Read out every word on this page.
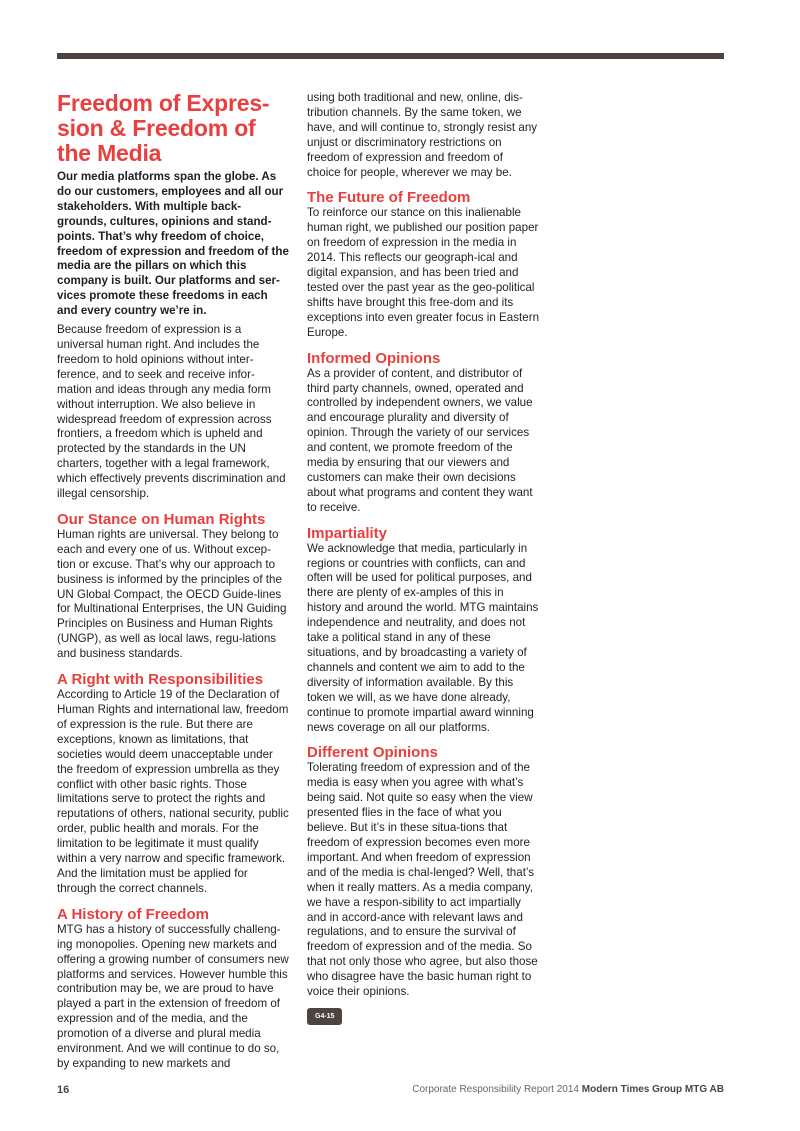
Freedom of Expres-
sion & Freedom of
the Media

Our media platforms span the globe. As do our customers, employees and all our stakeholders. With multiple back-grounds, cultures, opinions and stand-points. That’s why freedom of choice, freedom of expression and freedom of the media are the pillars on which this company is built. Our platforms and ser-vices promote these freedoms in each and every country we’re in.

Because freedom of expression is a universal human right. And includes the freedom to hold opinions without inter-ference, and to seek and receive infor-mation and ideas through any media form without interruption. We also believe in widespread freedom of expression across frontiers, a freedom which is upheld and protected by the standards in the UN charters, together with a legal framework, which effectively prevents discrimination and illegal censorship.

Our Stance on Human Rights

Human rights are universal. They belong to each and every one of us. Without excep-tion or excuse. That’s why our approach to business is informed by the principles of the UN Global Compact, the OECD Guide-lines for Multinational Enterprises, the UN Guiding Principles on Business and Human Rights (UNGP), as well as local laws, regu-lations and business standards.

A Right with Responsibilities

According to Article 19 of the Declaration of Human Rights and international law, freedom of expression is the rule. But there are exceptions, known as limitations, that societies would deem unacceptable under the freedom of expression umbrella as they conflict with other basic rights. Those limitations serve to protect the rights and reputations of others, national security, public order, public health and morals. For the limitation to be legitimate it must qualify within a very narrow and specific framework. And the limitation must be applied for through the correct channels.

A History of Freedom

MTG has a history of successfully challeng-ing monopolies. Opening new markets and offering a growing number of consumers new platforms and services. However humble this contribution may be, we are proud to have played a part in the extension of freedom of expression and of the media, and the promotion of a diverse and plural media environment. And we will continue to do so, by expanding to new markets and

using both traditional and new, online, dis-tribution channels. By the same token, we have, and will continue to, strongly resist any unjust or discriminatory restrictions on freedom of expression and freedom of choice for people, wherever we may be.

The Future of Freedom

To reinforce our stance on this inalienable human right, we published our position paper on freedom of expression in the media in 2014. This reflects our geograph-ical and digital expansion, and has been tried and tested over the past year as the geo-political shifts have brought this free-dom and its exceptions into even greater focus in Eastern Europe.

Informed Opinions

As a provider of content, and distributor of third party channels, owned, operated and controlled by independent owners, we value and encourage plurality and diversity of opinion. Through the variety of our services and content, we promote freedom of the media by ensuring that our viewers and customers can make their own decisions about what programs and content they want to receive.

Impartiality

We acknowledge that media, particularly in regions or countries with conflicts, can and often will be used for political purposes, and there are plenty of ex-amples of this in history and around the world. MTG maintains independence and neutrality, and does not take a political stand in any of these situations, and by broadcasting a variety of channels and content we aim to add to the diversity of information available. By this token we will, as we have done already, continue to promote impartial award winning news coverage on all our platforms.

Different Opinions

Tolerating freedom of expression and of the media is easy when you agree with what’s being said. Not quite so easy when the view presented flies in the face of what you believe. But it’s in these situa-tions that freedom of expression becomes even more important. And when freedom of expression and of the media is chal-lenged? Well, that’s when it really matters. As a media company, we have a respon-sibility to act impartially and in accord-ance with relevant laws and regulations, and to ensure the survival of freedom of expression and of the media. So that not only those who agree, but also those who disagree have the basic human right to voice their opinions.

G4-15
16	Corporate Responsibility Report 2014 Modern Times Group MTG AB
